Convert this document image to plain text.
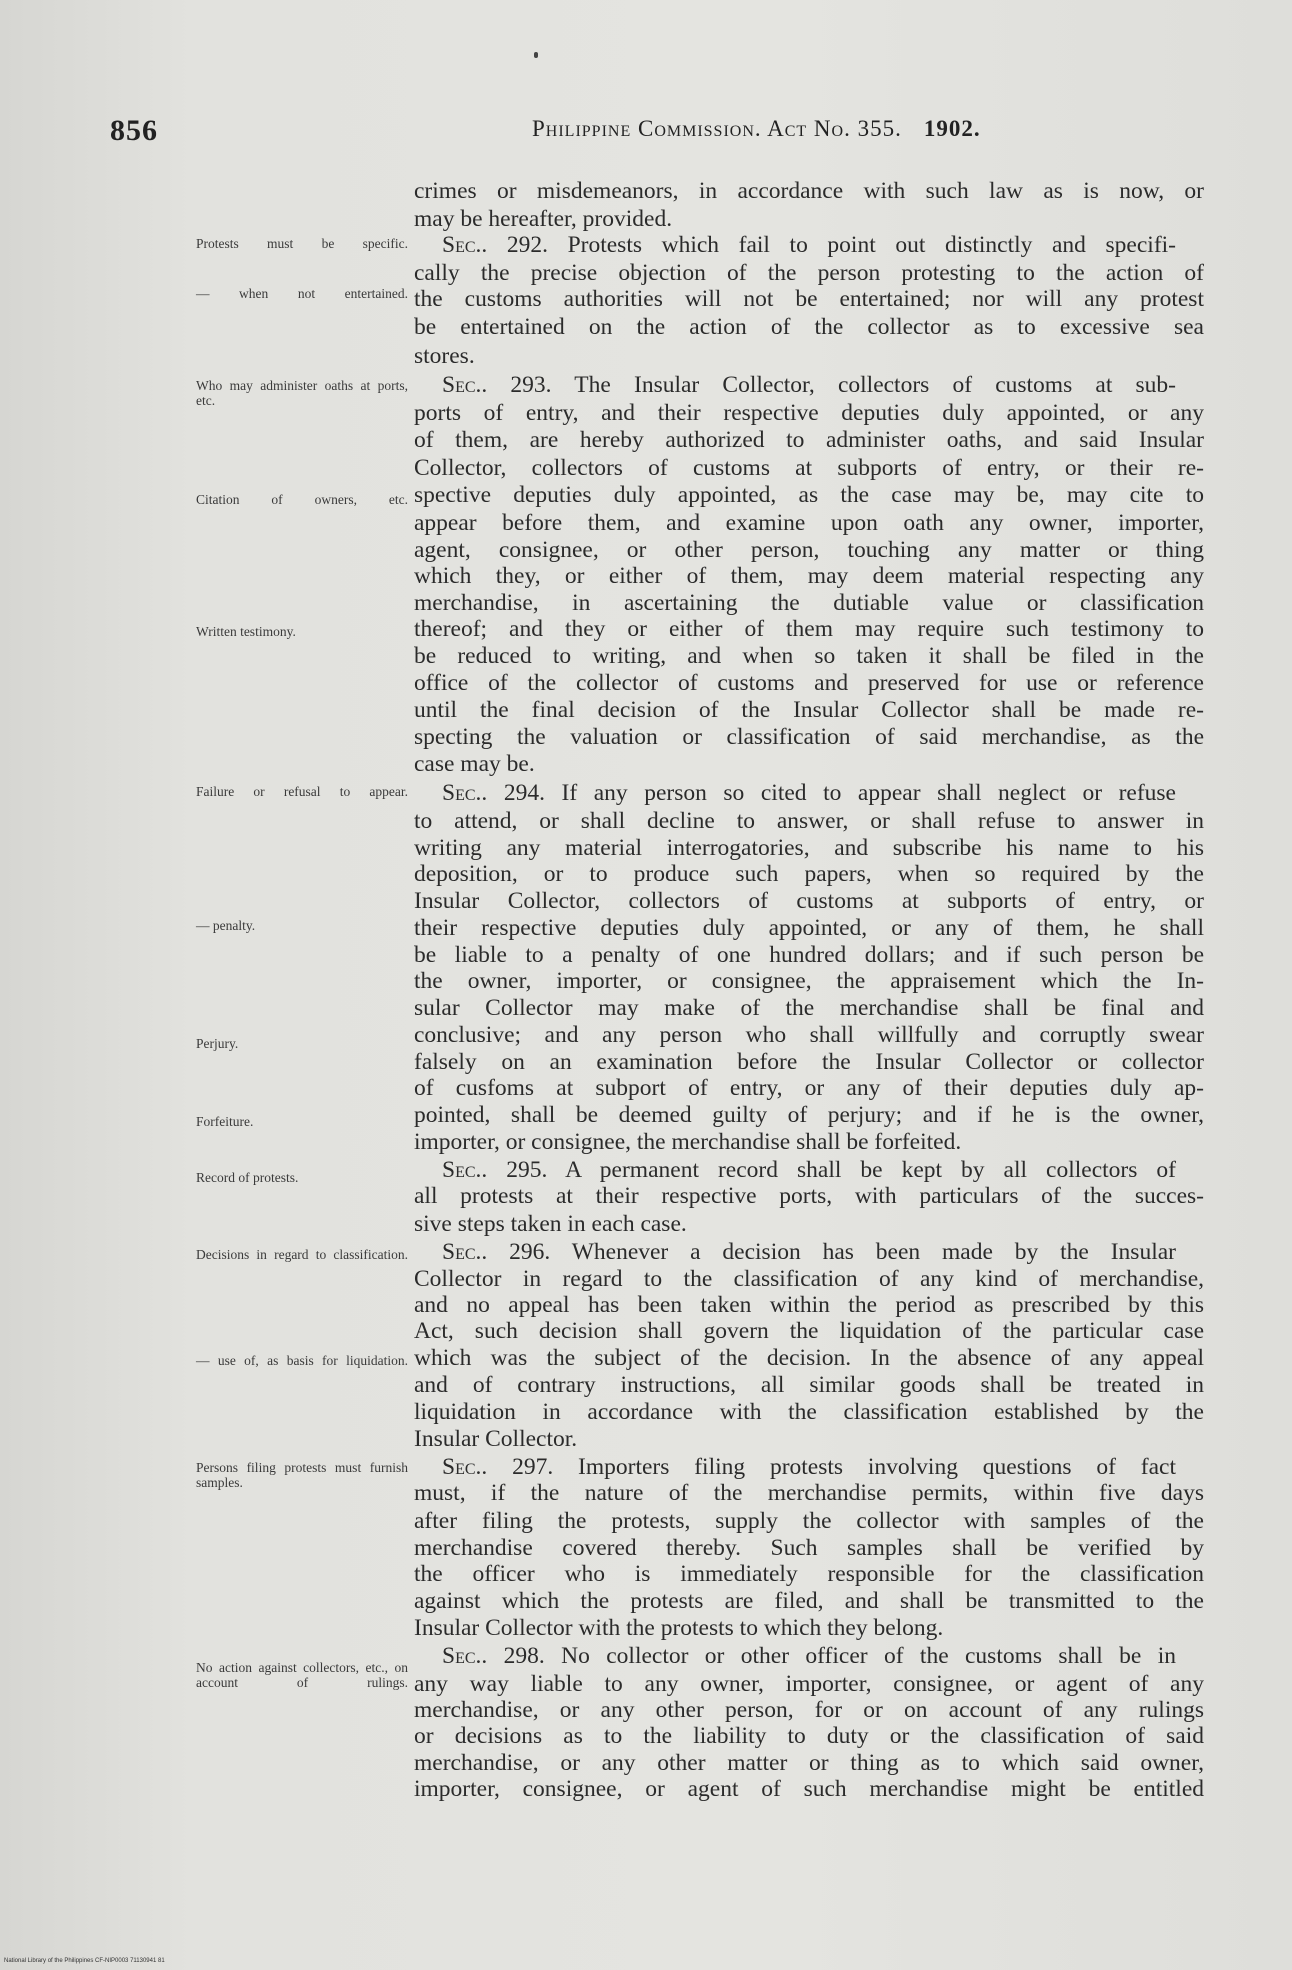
856	Philippine Commission. Act No. 355. 1902.
Protests must be specific.
— when not entertained.
Who may administer oaths at ports, etc.
Citation of owners, etc.
Written testimony.
Failure or refusal to appear.
— penalty.
Perjury.
Forfeiture.
Record of protests.
Decisions in regard to classification.
— use of, as basis for liquidation.
Persons filing protests must furnish samples.
No action against collectors, etc., on account of rulings.
crimes or misdemeanors, in accordance with such law as is now, or
may be hereafter, provided.
Sec.. 292. Protests which fail to point out distinctly and specifi-
cally the precise objection of the person protesting to the action of
the customs authorities will not be entertained; nor will any protest
be entertained on the action of the collector as to excessive sea
stores.
Sec.. 293. The Insular Collector, collectors of customs at sub-
ports of entry, and their respective deputies duly appointed, or any
of them, are hereby authorized to administer oaths, and said Insular
Collector, collectors of customs at subports of entry, or their re-
spective deputies duly appointed, as the case may be, may cite to
appear before them, and examine upon oath any owner, importer,
agent, consignee, or other person, touching any matter or thing
which they, or either of them, may deem material respecting any
merchandise, in ascertaining the dutiable value or classification
thereof; and they or either of them may require such testimony to
be reduced to writing, and when so taken it shall be filed in the
office of the collector of customs and preserved for use or reference
until the final decision of the Insular Collector shall be made re-
specting the valuation or classification of said merchandise, as the
case may be.
Sec.. 294. If any person so cited to appear shall neglect or refuse
to attend, or shall decline to answer, or shall refuse to answer in
writing any material interrogatories, and subscribe his name to his
deposition, or to produce such papers, when so required by the
Insular Collector, collectors of customs at subports of entry, or
their respective deputies duly appointed, or any of them, he shall
be liable to a penalty of one hundred dollars; and if such person be
the owner, importer, or consignee, the appraisement which the In-
sular Collector may make of the merchandise shall be final and
conclusive; and any person who shall willfully and corruptly swear
falsely on an examination before the Insular Collector or collector
of cusfoms at subport of entry, or any of their deputies duly ap-
pointed, shall be deemed guilty of perjury; and if he is the owner,
importer, or consignee, the merchandise shall be forfeited.
Sec.. 295. A permanent record shall be kept by all collectors of
all protests at their respective ports, with particulars of the succes-
sive steps taken in each case.
Sec.. 296. Whenever a decision has been made by the Insular
Collector in regard to the classification of any kind of merchandise,
and no appeal has been taken within the period as prescribed by this
Act, such decision shall govern the liquidation of the particular case
which was the subject of the decision. In the absence of any appeal
and of contrary instructions, all similar goods shall be treated in
liquidation in accordance with the classification established by the
Insular Collector.
Sec.. 297. Importers filing protests involving questions of fact
must, if the nature of the merchandise permits, within five days
after filing the protests, supply the collector with samples of the
merchandise covered thereby. Such samples shall be verified by
the officer who is immediately responsible for the classification
against which the protests are filed, and shall be transmitted to the
Insular Collector with the protests to which they belong.
Sec.. 298. No collector or other officer of the customs shall be in
any way liable to any owner, importer, consignee, or agent of any
merchandise, or any other person, for or on account of any rulings
or decisions as to the liability to duty or the classification of said
merchandise, or any other matter or thing as to which said owner,
importer, consignee, or agent of such merchandise might be entitled
National Library of the Philippines CF-NIP0003 71130941 81
